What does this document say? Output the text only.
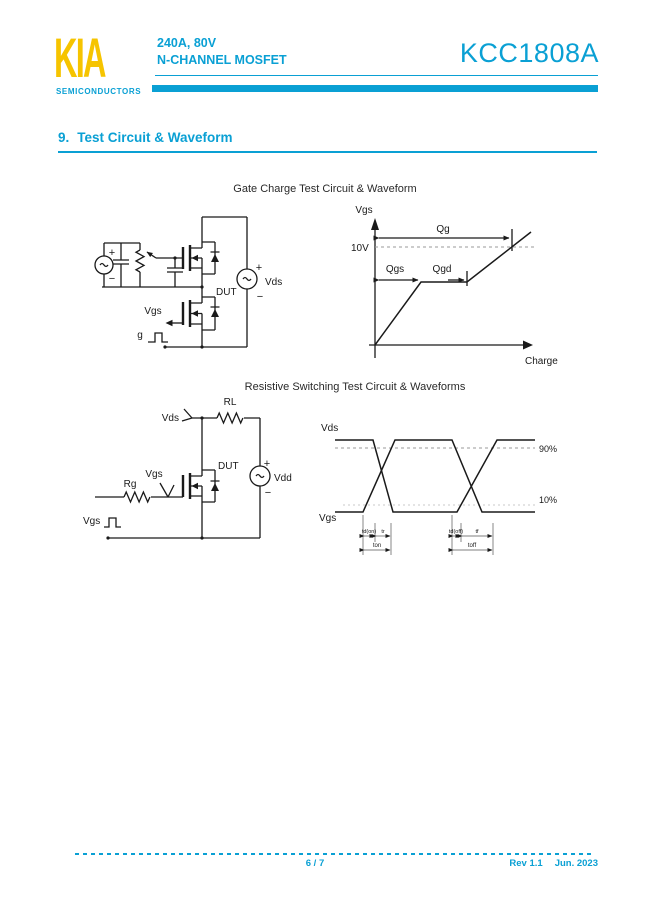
KIA
SEMICONDUCTORS
240A, 80V
N-CHANNEL MOSFET	KCC1808A
9. Test Circuit & Waveform
Gate Charge Test Circuit & Waveform
+
−
DUT
Vgs
g
+
Vds
−
Vgs
Charge
10V
Qg
Qgs	Qgd
Resistive Switching Test Circuit & Waveforms
Vds
RL
+
Vdd
−
DUT
Rg
Vgs
Vgs
Vds
Vgs
90%
10%
td(on) tr
ton
td(off) tf
toff
6 / 7	Rev 1.1 Jun. 2023
